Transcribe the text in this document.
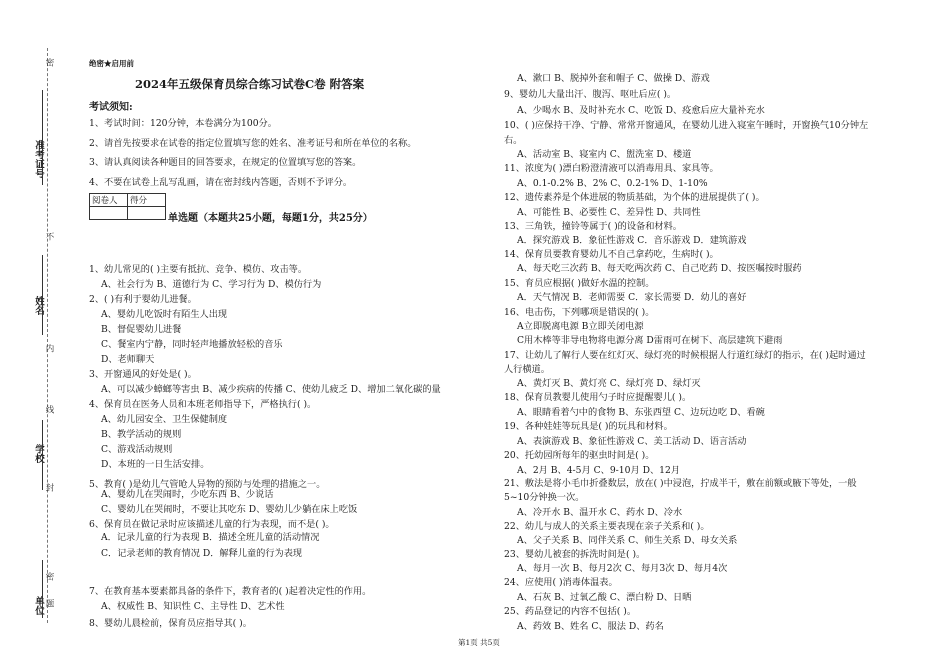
密
准考证号
不
姓名
内
线
学校
封
密
单位 题
绝密★启用前
2024年五级保育员综合练习试卷C卷 附答案
考试须知:
1、考试时间：120分钟，本卷满分为100分。
2、请首先按要求在试卷的指定位置填写您的姓名、准考证号和所在单位的名称。
3、请认真阅读各种题目的回答要求，在规定的位置填写您的答案。
4、不要在试卷上乱写乱画，请在密封线内答题，否则不予评分。
阅卷人	得分

单选题（本题共25小题，每题1分，共25分）
1、幼儿常见的( )主要有抵抗、竞争、模仿、攻击等。
A、社会行为 B、道德行为 C、学习行为 D、模仿行为
2、( )有利于婴幼儿进餐。
A、婴幼儿吃饭时有陌生人出现
B、督促婴幼儿进餐
C、餐室内宁静，同时轻声地播放轻松的音乐
D、老师聊天
3、开窗通风的好处是( )。
A、可以减少蟑螂等害虫 B、减少疾病的传播 C、使幼儿疲乏 D、增加二氧化碳的量
4、保育员在医务人员和本班老师指导下，严格执行( )。
A、幼儿园安全、卫生保健制度
B、教学活动的规则
C、游戏活动规则
D、本班的一日生活安排。
5、教育( )是幼儿气管呛人异物的预防与处理的措施之一。
A、婴幼儿在哭闹时，少吃东西 B、少说话
C、婴幼儿在哭闹时，不要让其吃东 D、婴幼儿少躺在床上吃饭
6、保育员在做记录时应该描述儿童的行为表现，而不是( )。
A．记录儿童的行为表现 B．描述全班儿童的活动情况
C．记录老师的教育情况 D．解释儿童的行为表现
7、在教育基本要素都具备的条件下，教育者的( )起着决定性的作用。
A、权威性 B、知识性 C、主导性 D、艺术性
8、婴幼儿晨检前，保育员应指导其( )。
A、漱口 B、脱掉外套和帽子 C、做操 D、游戏
9、婴幼儿大量出汗、腹泻、呕吐后应( )。
A、少喝水 B、及时补充水 C、吃饭 D、疫愈后应大量补充水
10、( )应保持干净、宁静、常常开窗通风，在婴幼儿进入寝室午睡时，开窗换气10分钟左
右。
A、活动室 B、寝室内 C、盥洗室 D、楼道
11、浓度为( )漂白粉澄清液可以消毒用具、家具等。
A、0.1-0.2% B、2% C、0.2-1% D、1-10%
12、遗传素养是个体进展的物质基础，为个体的进展提供了( )。
A、可能性 B、必要性 C、差异性 D、共同性
13、三角铁，撞铃等属于( )的设备和材料。
A．探究游戏 B．象征性游戏 C．音乐游戏 D．建筑游戏
14、保育员要教育婴幼儿不自己拿药吃，生病时( )。
A、每天吃三次药 B、每天吃两次药 C、自己吃药 D、按医嘱按时服药
15、育员应根据( )做好水温的控制。
A．天气情况 B．老师需要 C．家长需要 D．幼儿的喜好
16、电击伤，下列哪项是错误的( )。
A立即脱离电源 B立即关闭电源
C用木棒等非导电物将电源分离 D雷雨可在树下、高层建筑下避雨
17、让幼儿了解行人要在红灯灭、绿灯亮的时候根据人行道红绿灯的指示，在( )起时通过
人行横道。
A、黄灯灭 B、黄灯亮 C、绿灯亮 D、绿灯灭
18、保育员教婴儿使用勺子时应提醒婴儿( )。
A、眼睛看着勺中的食物 B、东张西望 C、边玩边吃 D、看碗
19、各种娃娃等玩具是( )的玩具和材料。
A、表演游戏 B、象征性游戏 C、美工活动 D、语言活动
20、托幼园所每年的驱虫时间是( )。
A、2月 B、4-5月 C、9-10月 D、12月
21、敷法是将小毛巾折叠数层，放在( )中浸泡，拧成半干，敷在前额或腋下等处，一般
5~10分钟换一次。
A、冷开水 B、温开水 C、药水 D、冷水
22、幼儿与成人的关系主要表现在亲子关系和( )。
A、父子关系 B、同伴关系 C、师生关系 D、母女关系
23、婴幼儿被套的拆洗时间是( )。
A、每月一次 B、每月2次 C、每月3次 D、每月4次
24、应使用( )消毒体温表。
A、石灰 B、过氧乙酸 C、漂白粉 D、日晒
25、药品登记的内容不包括( )。
A、药效 B、姓名 C、服法 D、药名
第1页 共5页
